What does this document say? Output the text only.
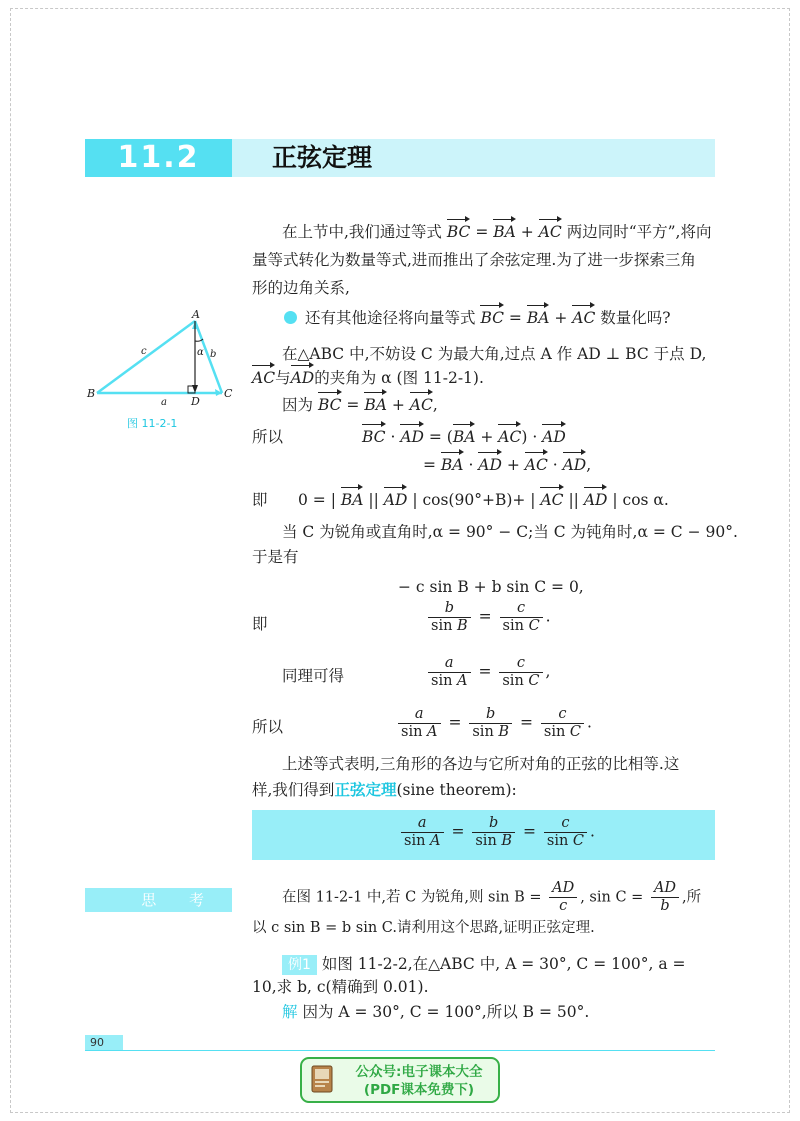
11.2	正弦定理
A
B	C
D
a
b
c	α
图 11-2-1
在上节中,我们通过等式 BC = BA + AC 两边同时“平方”,将向
量等式转化为数量等式,进而推出了余弦定理.为了进一步探索三角
形的边角关系,
还有其他途径将向量等式 BC = BA + AC 数量化吗?
在△ABC 中,不妨设 C 为最大角,过点 A 作 AD ⊥ BC 于点 D,
AC与AD的夹角为 α (图 11-2-1).
因为 BC = BA + AC,
所以	BC · AD = (BA + AC) · AD
= BA · AD + AC · AD,
即 0 = | BA || AD | cos(90°+B)+ | AC || AD | cos α.
当 C 为锐角或直角时,α = 90° − C;当 C 为钝角时,α = C − 90°.
于是有
− c sin B + b sin C = 0,
即	$\frac{b}{\text{sin B}} = \frac{c}{\text{sin C}}$ .
同理可得	$\frac{a}{\text{sin A}} = \frac{c}{\text{sin C}}$ ,
所以	$\frac{a}{\text{sin A}} = \frac{b}{\text{sin B}} = \frac{c}{\text{sin C}}$ .
上述等式表明,三角形的各边与它所对角的正弦的比相等.这
样,我们得到正弦定理(sine theorem):
$\frac{a}{\text{sin A}} = \frac{b}{\text{sin B}} = \frac{c}{\text{sin C}}$ .
思 考	在图 11-2-1 中,若 C 为锐角,则 $\sin B = \frac{AD}{c}$ , $\sin C = \frac{AD}{b}$ ,所
以 c sin B = b sin C.请利用这个思路,证明正弦定理.
例1 如图 11-2-2,在△ABC 中, A = 30°, C = 100°, a =
10,求 b, c(精确到 0.01).
解 因为 A = 30°, C = 100°,所以 B = 50°.
90
公众号:电子课本大全
(PDF课本免费下)
